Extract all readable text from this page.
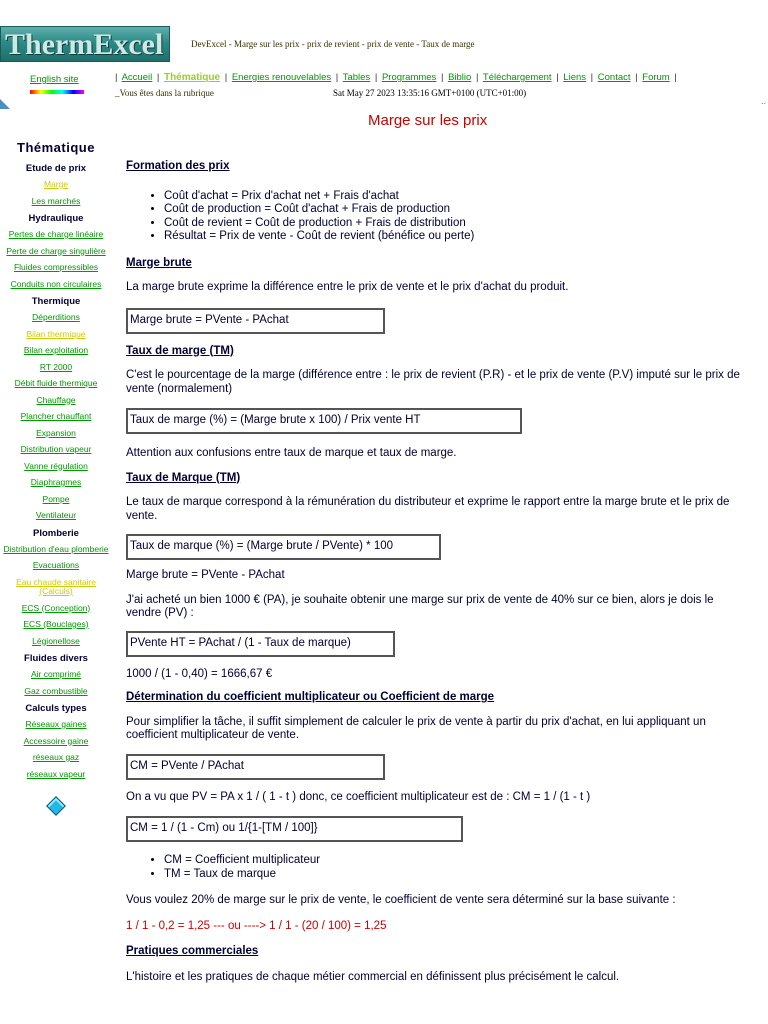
ThermExcel	DevExcel - Marge sur les prix - prix de revient - prix de vente - Taux de marge
English site	| Accueil | Thématique | Energies renouvelables | Tables | Programmes | Biblio | Téléchargement | Liens | Contact | Forum |
_Vous êtes dans la rubrique	Sat May 27 2023 13:35:16 GMT+0100 (UTC+01:00)
..
Marge sur les prix
Thématique
Etude de prix
Marge
Les marchés
Hydraulique
Pertes de charge linéaire
Perte de charge singulière
Fluides compressibles
Conduits non circulaires
Thermique
Déperditions
Bilan thermique
Bilan exploitation
RT 2000
Débit fluide thermique
Chauffage
Plancher chauffant
Expansion
Distribution vapeur
Vanne régulation
Diaphragmes
Pompe
Ventilateur
Plomberie
Distribution d'eau plomberie
Evacuations
Eau chaude sanitaire (Calculs)
ECS (Conception)
ECS (Bouclages)
Légionellose
Fluides divers
Air comprimé
Gaz combustible
Calculs types
Réseaux gaines
Accessoire gaine
réseaux gaz
réseaux vapeur
Formation des prix
• Coût d'achat = Prix d'achat net + Frais d'achat
• Coût de production = Coût d'achat + Frais de production
• Coût de revient = Coût de production + Frais de distribution
• Résultat = Prix de vente - Coût de revient (bénéfice ou perte)
Marge brute

La marge brute exprime la différence entre le prix de vente et le prix d'achat du produit.

Marge brute = PVente - PAchat
Taux de marge (TM)

C'est le pourcentage de la marge (différence entre : le prix de revient (P.R) - et le prix de vente (P.V) imputé sur le prix de vente (normalement)

Taux de marge (%) = (Marge brute x 100) / Prix vente HT

Attention aux confusions entre taux de marque et taux de marge.

Taux de Marque (TM)

Le taux de marque correspond à la rémunération du distributeur et exprime le rapport entre la marge brute et le prix de vente.

Taux de marque (%) = (Marge brute / PVente) * 100

Marge brute = PVente - PAchat

J'ai acheté un bien 1000 € (PA), je souhaite obtenir une marge sur prix de vente de 40% sur ce bien, alors je dois le vendre (PV) :

PVente HT = PAchat / (1 - Taux de marque)

1000 / (1 - 0,40) = 1666,67 €

Détermination du coefficient multiplicateur ou Coefficient de marge

Pour simplifier la tâche, il suffit simplement de calculer le prix de vente à partir du prix d'achat, en lui appliquant un coefficient multiplicateur de vente.

CM = PVente / PAchat

On a vu que PV = PA x 1 / ( 1 - t ) donc, ce coefficient multiplicateur est de : CM = 1 / (1 - t )

CM = 1 / (1 - Cm) ou 1/{1-[TM / 100]}
• CM = Coefficient multiplicateur
• TM = Taux de marque

Vous voulez 20% de marge sur le prix de vente, le coefficient de vente sera déterminé sur la base suivante :

1 / 1 - 0,2 = 1,25 --- ou ----> 1 / 1 - (20 / 100) = 1,25

Pratiques commerciales

L'histoire et les pratiques de chaque métier commercial en définissent plus précisément le calcul.
